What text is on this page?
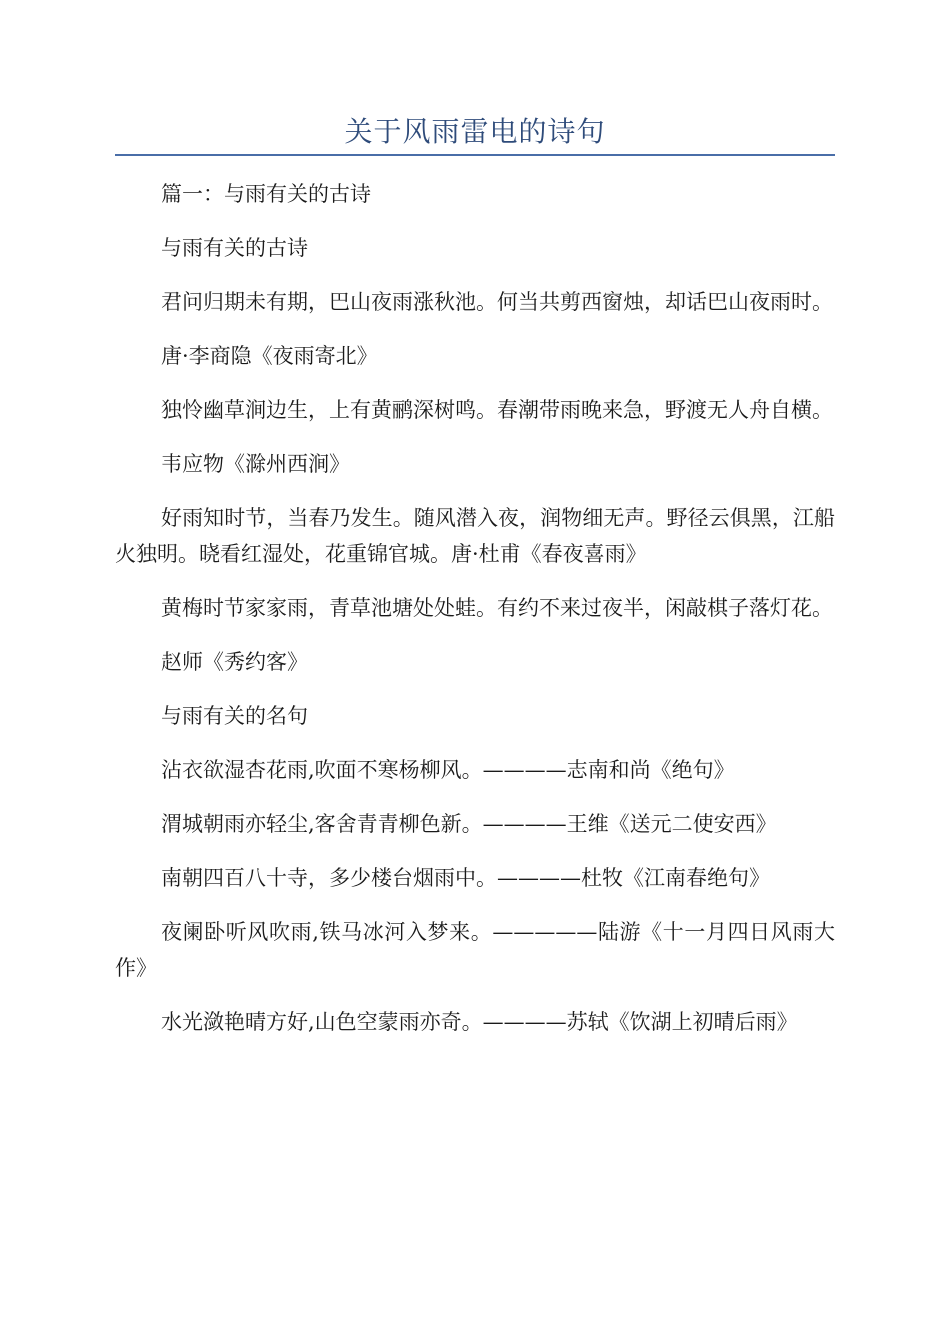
关于风雨雷电的诗句

篇一：与雨有关的古诗

与雨有关的古诗

君问归期未有期，巴山夜雨涨秋池。何当共剪西窗烛，却话巴山夜雨时。

唐·李商隐《夜雨寄北》

独怜幽草涧边生，上有黄鹂深树鸣。春潮带雨晚来急，野渡无人舟自横。

韦应物《滁州西涧》

好雨知时节，当春乃发生。随风潜入夜，润物细无声。野径云俱黑，江船火独明。晓看红湿处，花重锦官城。唐·杜甫《春夜喜雨》

黄梅时节家家雨，青草池塘处处蛙。有约不来过夜半，闲敲棋子落灯花。

赵师《秀约客》

与雨有关的名句

沾衣欲湿杏花雨,吹面不寒杨柳风。————志南和尚《绝句》

渭城朝雨亦轻尘,客舍青青柳色新。————王维《送元二使安西》

南朝四百八十寺，多少楼台烟雨中。————杜牧《江南春绝句》

夜阑卧听风吹雨,铁马冰河入梦来。—————陆游《十一月四日风雨大作》

水光潋艳晴方好,山色空蒙雨亦奇。————苏轼《饮湖上初晴后雨》
